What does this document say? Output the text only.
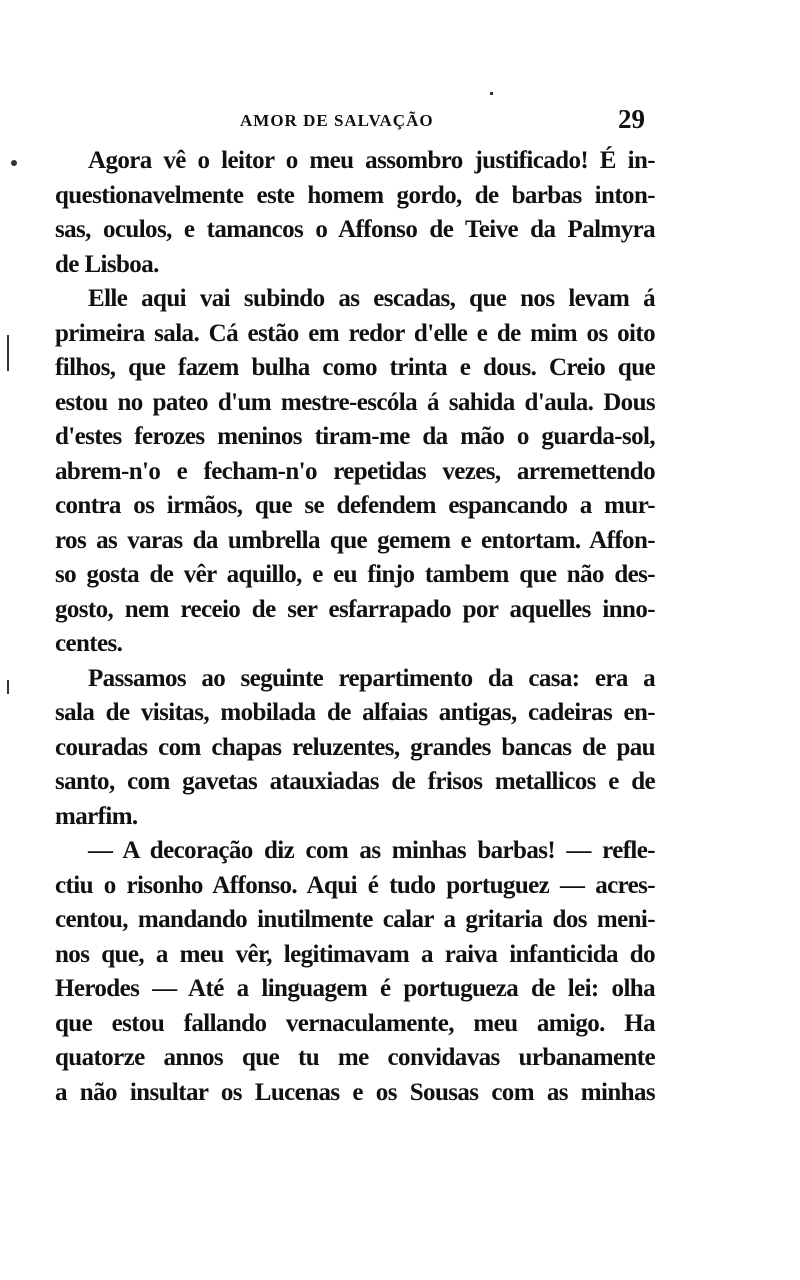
AMOR DE SALVAÇÃO	29
Agora vê o leitor o meu assombro justificado! É in-
questionavelmente este homem gordo, de barbas inton-
sas, oculos, e tamancos o Affonso de Teive da Palmyra
de Lisboa.
Elle aqui vai subindo as escadas, que nos levam á
primeira sala. Cá estão em redor d'elle e de mim os oito
filhos, que fazem bulha como trinta e dous. Creio que
estou no pateo d'um mestre-escóla á sahida d'aula. Dous
d'estes ferozes meninos tiram-me da mão o guarda-sol,
abrem-n'o e fecham-n'o repetidas vezes, arremettendo
contra os irmãos, que se defendem espancando a mur-
ros as varas da umbrella que gemem e entortam. Affon-
so gosta de vêr aquillo, e eu finjo tambem que não des-
gosto, nem receio de ser esfarrapado por aquelles inno-
centes.
Passamos ao seguinte repartimento da casa: era a
sala de visitas, mobilada de alfaias antigas, cadeiras en-
couradas com chapas reluzentes, grandes bancas de pau
santo, com gavetas atauxiadas de frisos metallicos e de
marfim.
— A decoração diz com as minhas barbas! — refle-
ctiu o risonho Affonso. Aqui é tudo portuguez — acres-
centou, mandando inutilmente calar a gritaria dos meni-
nos que, a meu vêr, legitimavam a raiva infanticida do
Herodes — Até a linguagem é portugueza de lei: olha
que estou fallando vernaculamente, meu amigo. Ha
quatorze annos que tu me convidavas urbanamente
a não insultar os Lucenas e os Sousas com as minhas
